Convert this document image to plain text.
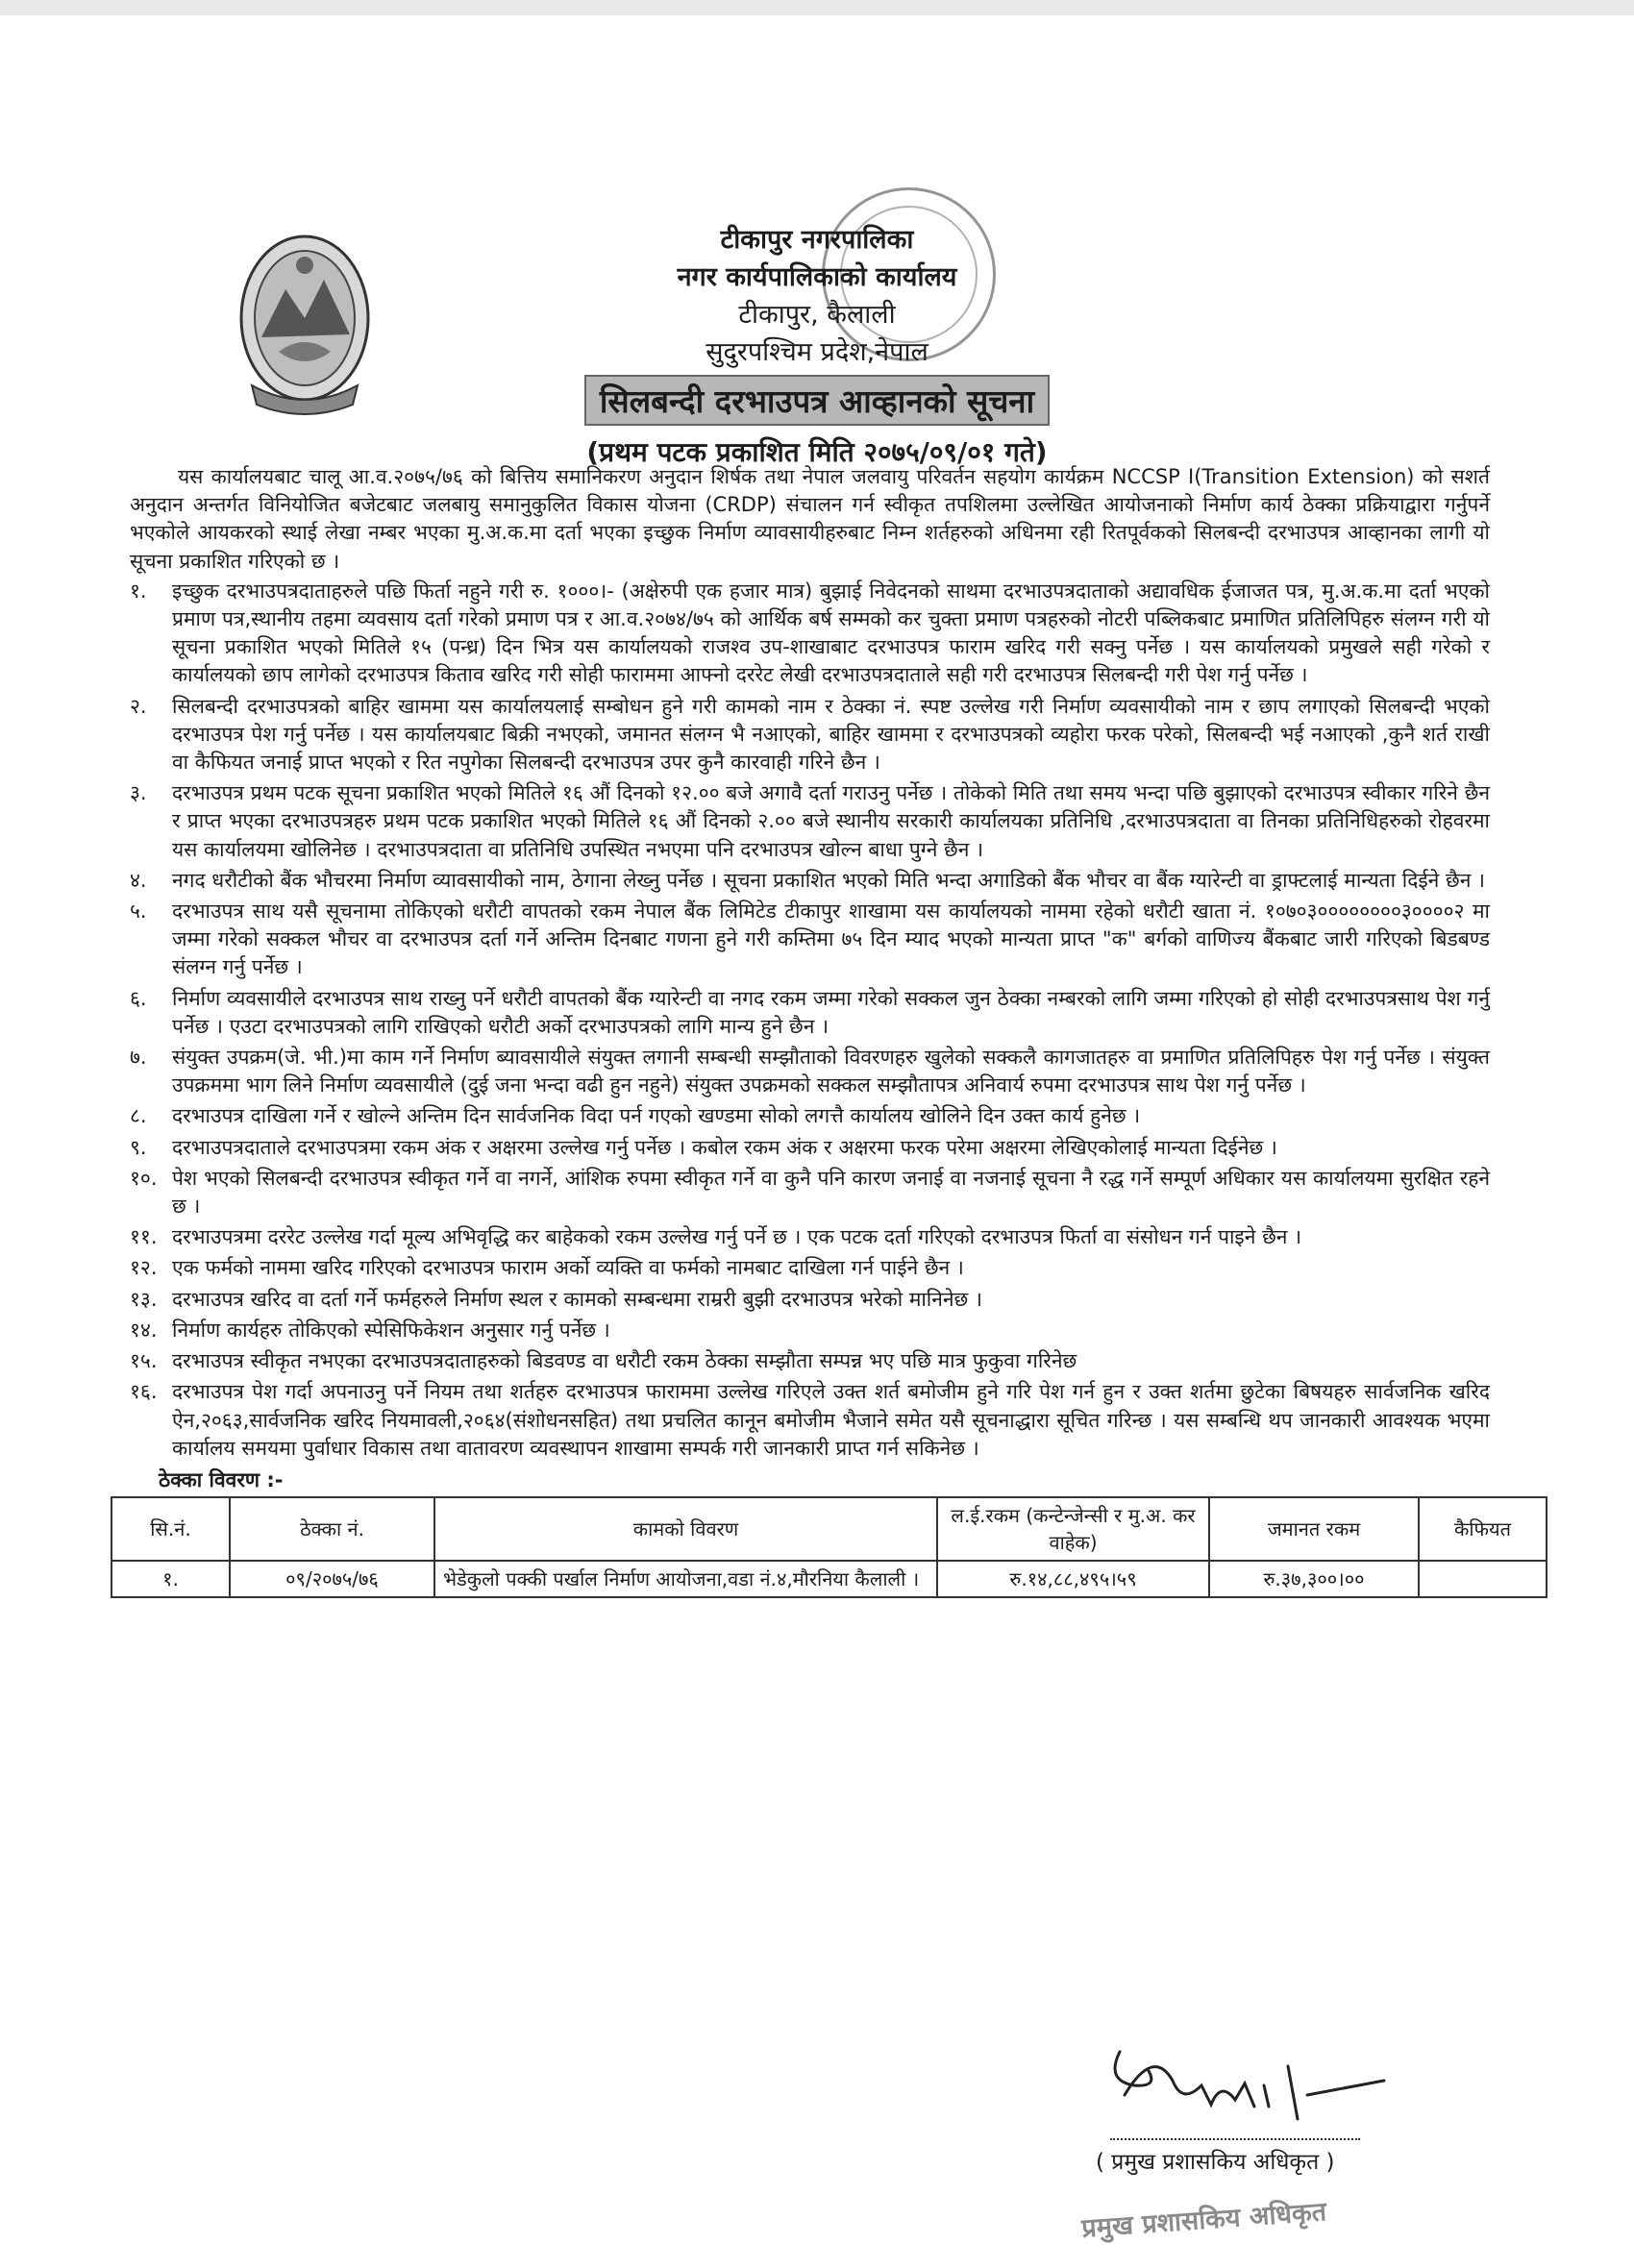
टीकापुर नगरपालिका

नगर कार्यपालिकाको कार्यालय

टीकापुर, कैलाली

सुदुरपश्चिम प्रदेश,नेपाल

सिलबन्दी दरभाउपत्र आव्हानको सूचना
(प्रथम पटक प्रकाशित मिति २०७५/०९/०१ गते)

यस कार्यालयबाट चालू आ.व.२०७५/७६ को बित्तिय समानिकरण अनुदान शिर्षक तथा नेपाल जलवायु परिवर्तन सहयोग कार्यक्रम NCCSP I(Transition Extension) को सशर्त अनुदान अन्तर्गत विनियोजित बजेटबाट जलबायु समानुकुलित विकास योजना (CRDP) संचालन गर्न स्वीकृत तपशिलमा उल्लेखित आयोजनाको निर्माण कार्य ठेक्का प्रक्रियाद्वारा गर्नुपर्ने भएकोले आयकरको स्थाई लेखा नम्बर भएका मु.अ.क.मा दर्ता भएका इच्छुक निर्माण व्यावसायीहरुबाट निम्न शर्तहरुको अधिनमा रही रितपूर्वकको सिलबन्दी दरभाउपत्र आव्हानका लागी यो सूचना प्रकाशित गरिएको छ ।

१.	इच्छुक दरभाउपत्रदाताहरुले पछि फिर्ता नहुने गरी रु. १०००।- (अक्षेरुपी एक हजार मात्र) बुझाई निवेदनको साथमा दरभाउपत्रदाताको अद्यावधिक ईजाजत पत्र, मु.अ.क.मा दर्ता भएको प्रमाण पत्र,स्थानीय तहमा व्यवसाय दर्ता गरेको प्रमाण पत्र र आ.व.२०७४/७५ को आर्थिक बर्ष सम्मको कर चुक्ता प्रमाण पत्रहरुको नोटरी पब्लिकबाट प्रमाणित प्रतिलिपिहरु संलग्न गरी यो सूचना प्रकाशित भएको मितिले १५ (पन्ध्र) दिन भित्र यस कार्यालयको राजश्व उप-शाखाबाट दरभाउपत्र फाराम खरिद गरी सक्नु पर्नेछ । यस कार्यालयको प्रमुखले सही गरेको र कार्यालयको छाप लागेको दरभाउपत्र किताव खरिद गरी सोही फाराममा आफ्नो दररेट लेखी दरभाउपत्रदाताले सही गरी दरभाउपत्र सिलबन्दी गरी पेश गर्नु पर्नेछ ।
२.	सिलबन्दी दरभाउपत्रको बाहिर खाममा यस कार्यालयलाई सम्बोधन हुने गरी कामको नाम र ठेक्का नं. स्पष्ट उल्लेख गरी निर्माण व्यवसायीको नाम र छाप लगाएको सिलबन्दी भएको दरभाउपत्र पेश गर्नु पर्नेछ । यस कार्यालयबाट बिक्री नभएको, जमानत संलग्न भै नआएको, बाहिर खाममा र दरभाउपत्रको व्यहोरा फरक परेको, सिलबन्दी भई नआएको ,कुनै शर्त राखी वा कैफियत जनाई प्राप्त भएको र रित नपुगेका सिलबन्दी दरभाउपत्र उपर कुनै कारवाही गरिने छैन ।
३.	दरभाउपत्र प्रथम पटक सूचना प्रकाशित भएको मितिले १६ औं दिनको १२.०० बजे अगावै दर्ता गराउनु पर्नेछ । तोकेको मिति तथा समय भन्दा पछि बुझाएको दरभाउपत्र स्वीकार गरिने छैन र प्राप्त भएका दरभाउपत्रहरु प्रथम पटक प्रकाशित भएको मितिले १६ औं दिनको २.०० बजे स्थानीय सरकारी कार्यालयका प्रतिनिधि ,दरभाउपत्रदाता वा तिनका प्रतिनिधिहरुको रोहवरमा यस कार्यालयमा खोलिनेछ । दरभाउपत्रदाता वा प्रतिनिधि उपस्थित नभएमा पनि दरभाउपत्र खोल्न बाधा पुग्ने छैन ।
४.	नगद धरौटीको बैंक भौचरमा निर्माण व्यावसायीको नाम, ठेगाना लेख्नु पर्नेछ । सूचना प्रकाशित भएको मिति भन्दा अगाडिको बैंक भौचर वा बैंक ग्यारेन्टी वा ड्राफ्टलाई मान्यता दिईने छैन ।
५.	दरभाउपत्र साथ यसै सूचनामा तोकिएको धरौटी वापतको रकम नेपाल बैंक लिमिटेड टीकापुर शाखामा यस कार्यालयको नाममा रहेको धरौटी खाता नं. १०७०३००००००००३००००२ मा जम्मा गरेको सक्कल भौचर वा दरभाउपत्र दर्ता गर्ने अन्तिम दिनबाट गणना हुने गरी कम्तिमा ७५ दिन म्याद भएको मान्यता प्राप्त "क" बर्गको वाणिज्य बैंकबाट जारी गरिएको बिडबण्ड संलग्न गर्नु पर्नेछ ।
६.	निर्माण व्यवसायीले दरभाउपत्र साथ राख्नु पर्ने धरौटी वापतको बैंक ग्यारेन्टी वा नगद रकम जम्मा गरेको सक्कल जुन ठेक्का नम्बरको लागि जम्मा गरिएको हो सोही दरभाउपत्रसाथ पेश गर्नु पर्नेछ । एउटा दरभाउपत्रको लागि राखिएको धरौटी अर्को दरभाउपत्रको लागि मान्य हुने छैन ।
७.	संयुक्त उपक्रम(जे. भी.)मा काम गर्ने निर्माण ब्यावसायीले संयुक्त लगानी सम्बन्धी सम्झौताको विवरणहरु खुलेको सक्कलै कागजातहरु वा प्रमाणित प्रतिलिपिहरु पेश गर्नु पर्नेछ । संयुक्त उपक्रममा भाग लिने निर्माण व्यवसायीले (दुई जना भन्दा वढी हुन नहुने) संयुक्त उपक्रमको सक्कल सम्झौतापत्र अनिवार्य रुपमा दरभाउपत्र साथ पेश गर्नु पर्नेछ ।
८.	दरभाउपत्र दाखिला गर्ने र खोल्ने अन्तिम दिन सार्वजनिक विदा पर्न गएको खण्डमा सोको लगत्तै कार्यालय खोलिने दिन उक्त कार्य हुनेछ ।
९.	दरभाउपत्रदाताले दरभाउपत्रमा रकम अंक र अक्षरमा उल्लेख गर्नु पर्नेछ । कबोल रकम अंक र अक्षरमा फरक परेमा अक्षरमा लेखिएकोलाई मान्यता दिईनेछ ।
१०. पेश भएको सिलबन्दी दरभाउपत्र स्वीकृत गर्ने वा नगर्ने, आंशिक रुपमा स्वीकृत गर्ने वा कुनै पनि कारण जनाई वा नजनाई सूचना नै रद्ध गर्ने सम्पूर्ण अधिकार यस कार्यालयमा सुरक्षित रहने छ ।
११. दरभाउपत्रमा दररेट उल्लेख गर्दा मूल्य अभिवृद्धि कर बाहेकको रकम उल्लेख गर्नु पर्ने छ । एक पटक दर्ता गरिएको दरभाउपत्र फिर्ता वा संसोधन गर्न पाइने छैन ।
१२. एक फर्मको नाममा खरिद गरिएको दरभाउपत्र फाराम अर्को व्यक्ति वा फर्मको नामबाट दाखिला गर्न पाईने छैन ।
१३. दरभाउपत्र खरिद वा दर्ता गर्ने फर्महरुले निर्माण स्थल र कामको सम्बन्धमा राम्ररी बुझी दरभाउपत्र भरेको मानिनेछ ।
१४. निर्माण कार्यहरु तोकिएको स्पेसिफिकेशन अनुसार गर्नु पर्नेछ ।
१५. दरभाउपत्र स्वीकृत नभएका दरभाउपत्रदाताहरुको बिडवण्ड वा धरौटी रकम ठेक्का सम्झौता सम्पन्न भए पछि मात्र फुकुवा गरिनेछ
१६. दरभाउपत्र पेश गर्दा अपनाउनु पर्ने नियम तथा शर्तहरु दरभाउपत्र फाराममा उल्लेख गरिएले उक्त शर्त बमोजीम हुने गरि पेश गर्न हुन र उक्त शर्तमा छुटेका बिषयहरु सार्वजनिक खरिद ऐन,२०६३,सार्वजनिक खरिद नियमावली,२०६४(संशोधनसहित) तथा प्रचलित कानून बमोजीम भैजाने समेत यसै सूचनाद्धारा सूचित गरिन्छ । यस सम्बन्धि थप जानकारी आवश्यक भएमा कार्यालय समयमा पुर्वाधार विकास तथा वातावरण व्यवस्थापन शाखामा सम्पर्क गरी जानकारी प्राप्त गर्न सकिनेछ ।
ठेक्का विवरण :-
सि.नं.	ठेक्का नं.	कामको विवरण	ल.ई.रकम (कन्टेन्जेन्सी र मु.अ. कर वाहेक)	जमानत रकम	कैफियत
१.	०९/२०७५/७६	भेडेकुलो पक्की पर्खाल निर्माण आयोजना,वडा नं.४,मौरनिया कैलाली ।	रु.१४,८८,४९५।५९	रु.३७,३००।००	
( प्रमुख प्रशासकिय अधिकृत )
प्रमुख प्रशासकिय अधिकृत
